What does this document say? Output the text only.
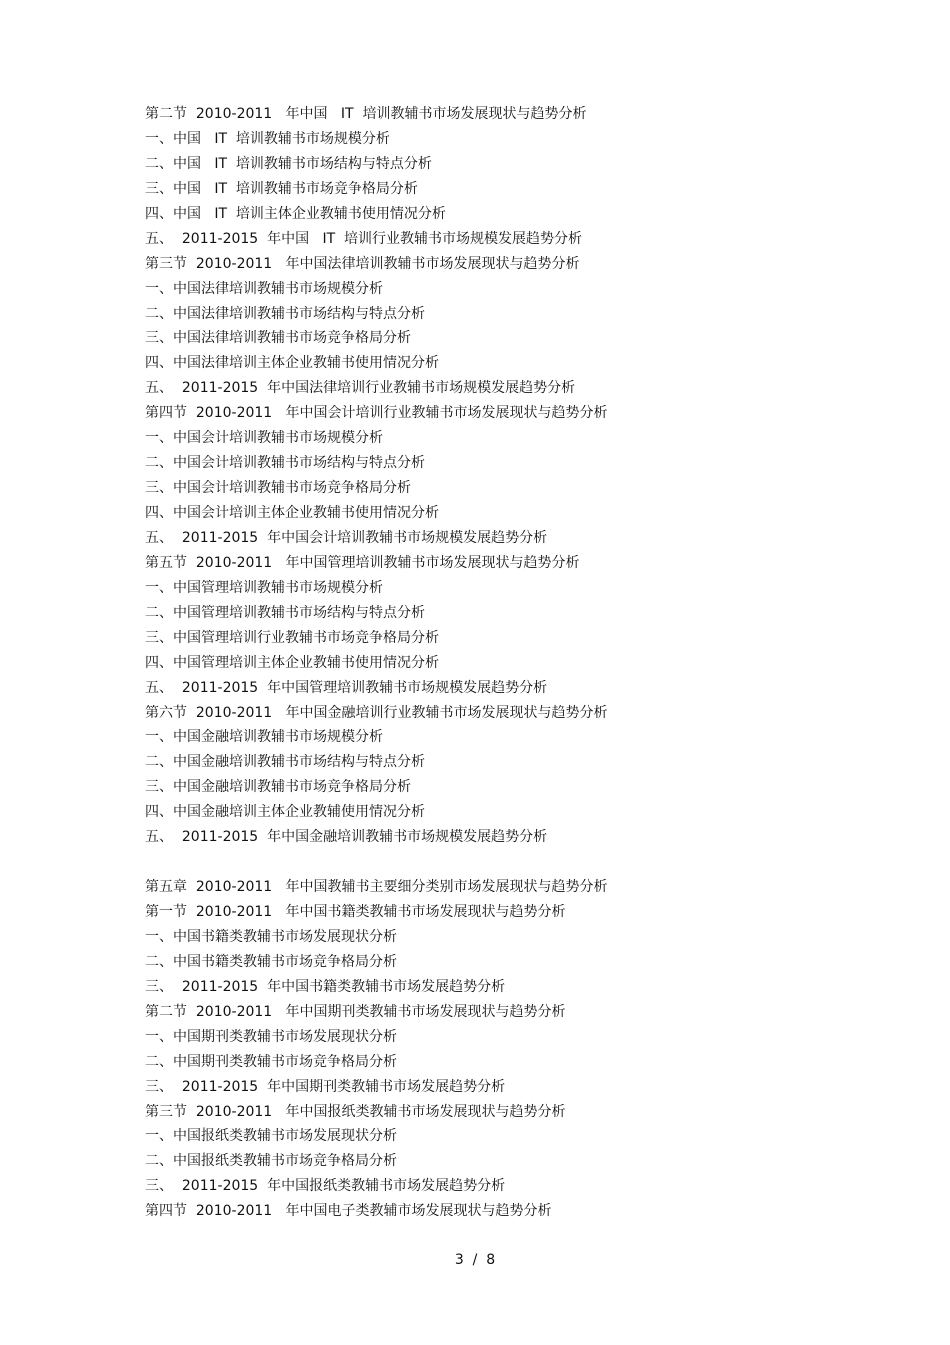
第二节  2010-2011   年中国   IT  培训教辅书市场发展现状与趋势分析
一、中国   IT  培训教辅书市场规模分析
二、中国   IT  培训教辅书市场结构与特点分析
三、中国   IT  培训教辅书市场竞争格局分析
四、中国   IT  培训主体企业教辅书使用情况分析
五、  2011-2015  年中国   IT  培训行业教辅书市场规模发展趋势分析
第三节  2010-2011   年中国法律培训教辅书市场发展现状与趋势分析
一、中国法律培训教辅书市场规模分析
二、中国法律培训教辅书市场结构与特点分析
三、中国法律培训教辅书市场竞争格局分析
四、中国法律培训主体企业教辅书使用情况分析
五、  2011-2015  年中国法律培训行业教辅书市场规模发展趋势分析
第四节  2010-2011   年中国会计培训行业教辅书市场发展现状与趋势分析
一、中国会计培训教辅书市场规模分析
二、中国会计培训教辅书市场结构与特点分析
三、中国会计培训教辅书市场竞争格局分析
四、中国会计培训主体企业教辅书使用情况分析
五、  2011-2015  年中国会计培训教辅书市场规模发展趋势分析
第五节  2010-2011   年中国管理培训教辅书市场发展现状与趋势分析
一、中国管理培训教辅书市场规模分析
二、中国管理培训教辅书市场结构与特点分析
三、中国管理培训行业教辅书市场竞争格局分析
四、中国管理培训主体企业教辅书使用情况分析
五、  2011-2015  年中国管理培训教辅书市场规模发展趋势分析
第六节  2010-2011   年中国金融培训行业教辅书市场发展现状与趋势分析
一、中国金融培训教辅书市场规模分析
二、中国金融培训教辅书市场结构与特点分析
三、中国金融培训教辅书市场竞争格局分析
四、中国金融培训主体企业教辅使用情况分析
五、  2011-2015  年中国金融培训教辅书市场规模发展趋势分析
第五章  2010-2011   年中国教辅书主要细分类别市场发展现状与趋势分析
第一节  2010-2011   年中国书籍类教辅书市场发展现状与趋势分析
一、中国书籍类教辅书市场发展现状分析
二、中国书籍类教辅书市场竞争格局分析
三、  2011-2015  年中国书籍类教辅书市场发展趋势分析
第二节  2010-2011   年中国期刊类教辅书市场发展现状与趋势分析
一、中国期刊类教辅书市场发展现状分析
二、中国期刊类教辅书市场竞争格局分析
三、  2011-2015  年中国期刊类教辅书市场发展趋势分析
第三节  2010-2011   年中国报纸类教辅书市场发展现状与趋势分析
一、中国报纸类教辅书市场发展现状分析
二、中国报纸类教辅书市场竞争格局分析
三、  2011-2015  年中国报纸类教辅书市场发展趋势分析
第四节  2010-2011   年中国电子类教辅市场发展现状与趋势分析
3  /  8
